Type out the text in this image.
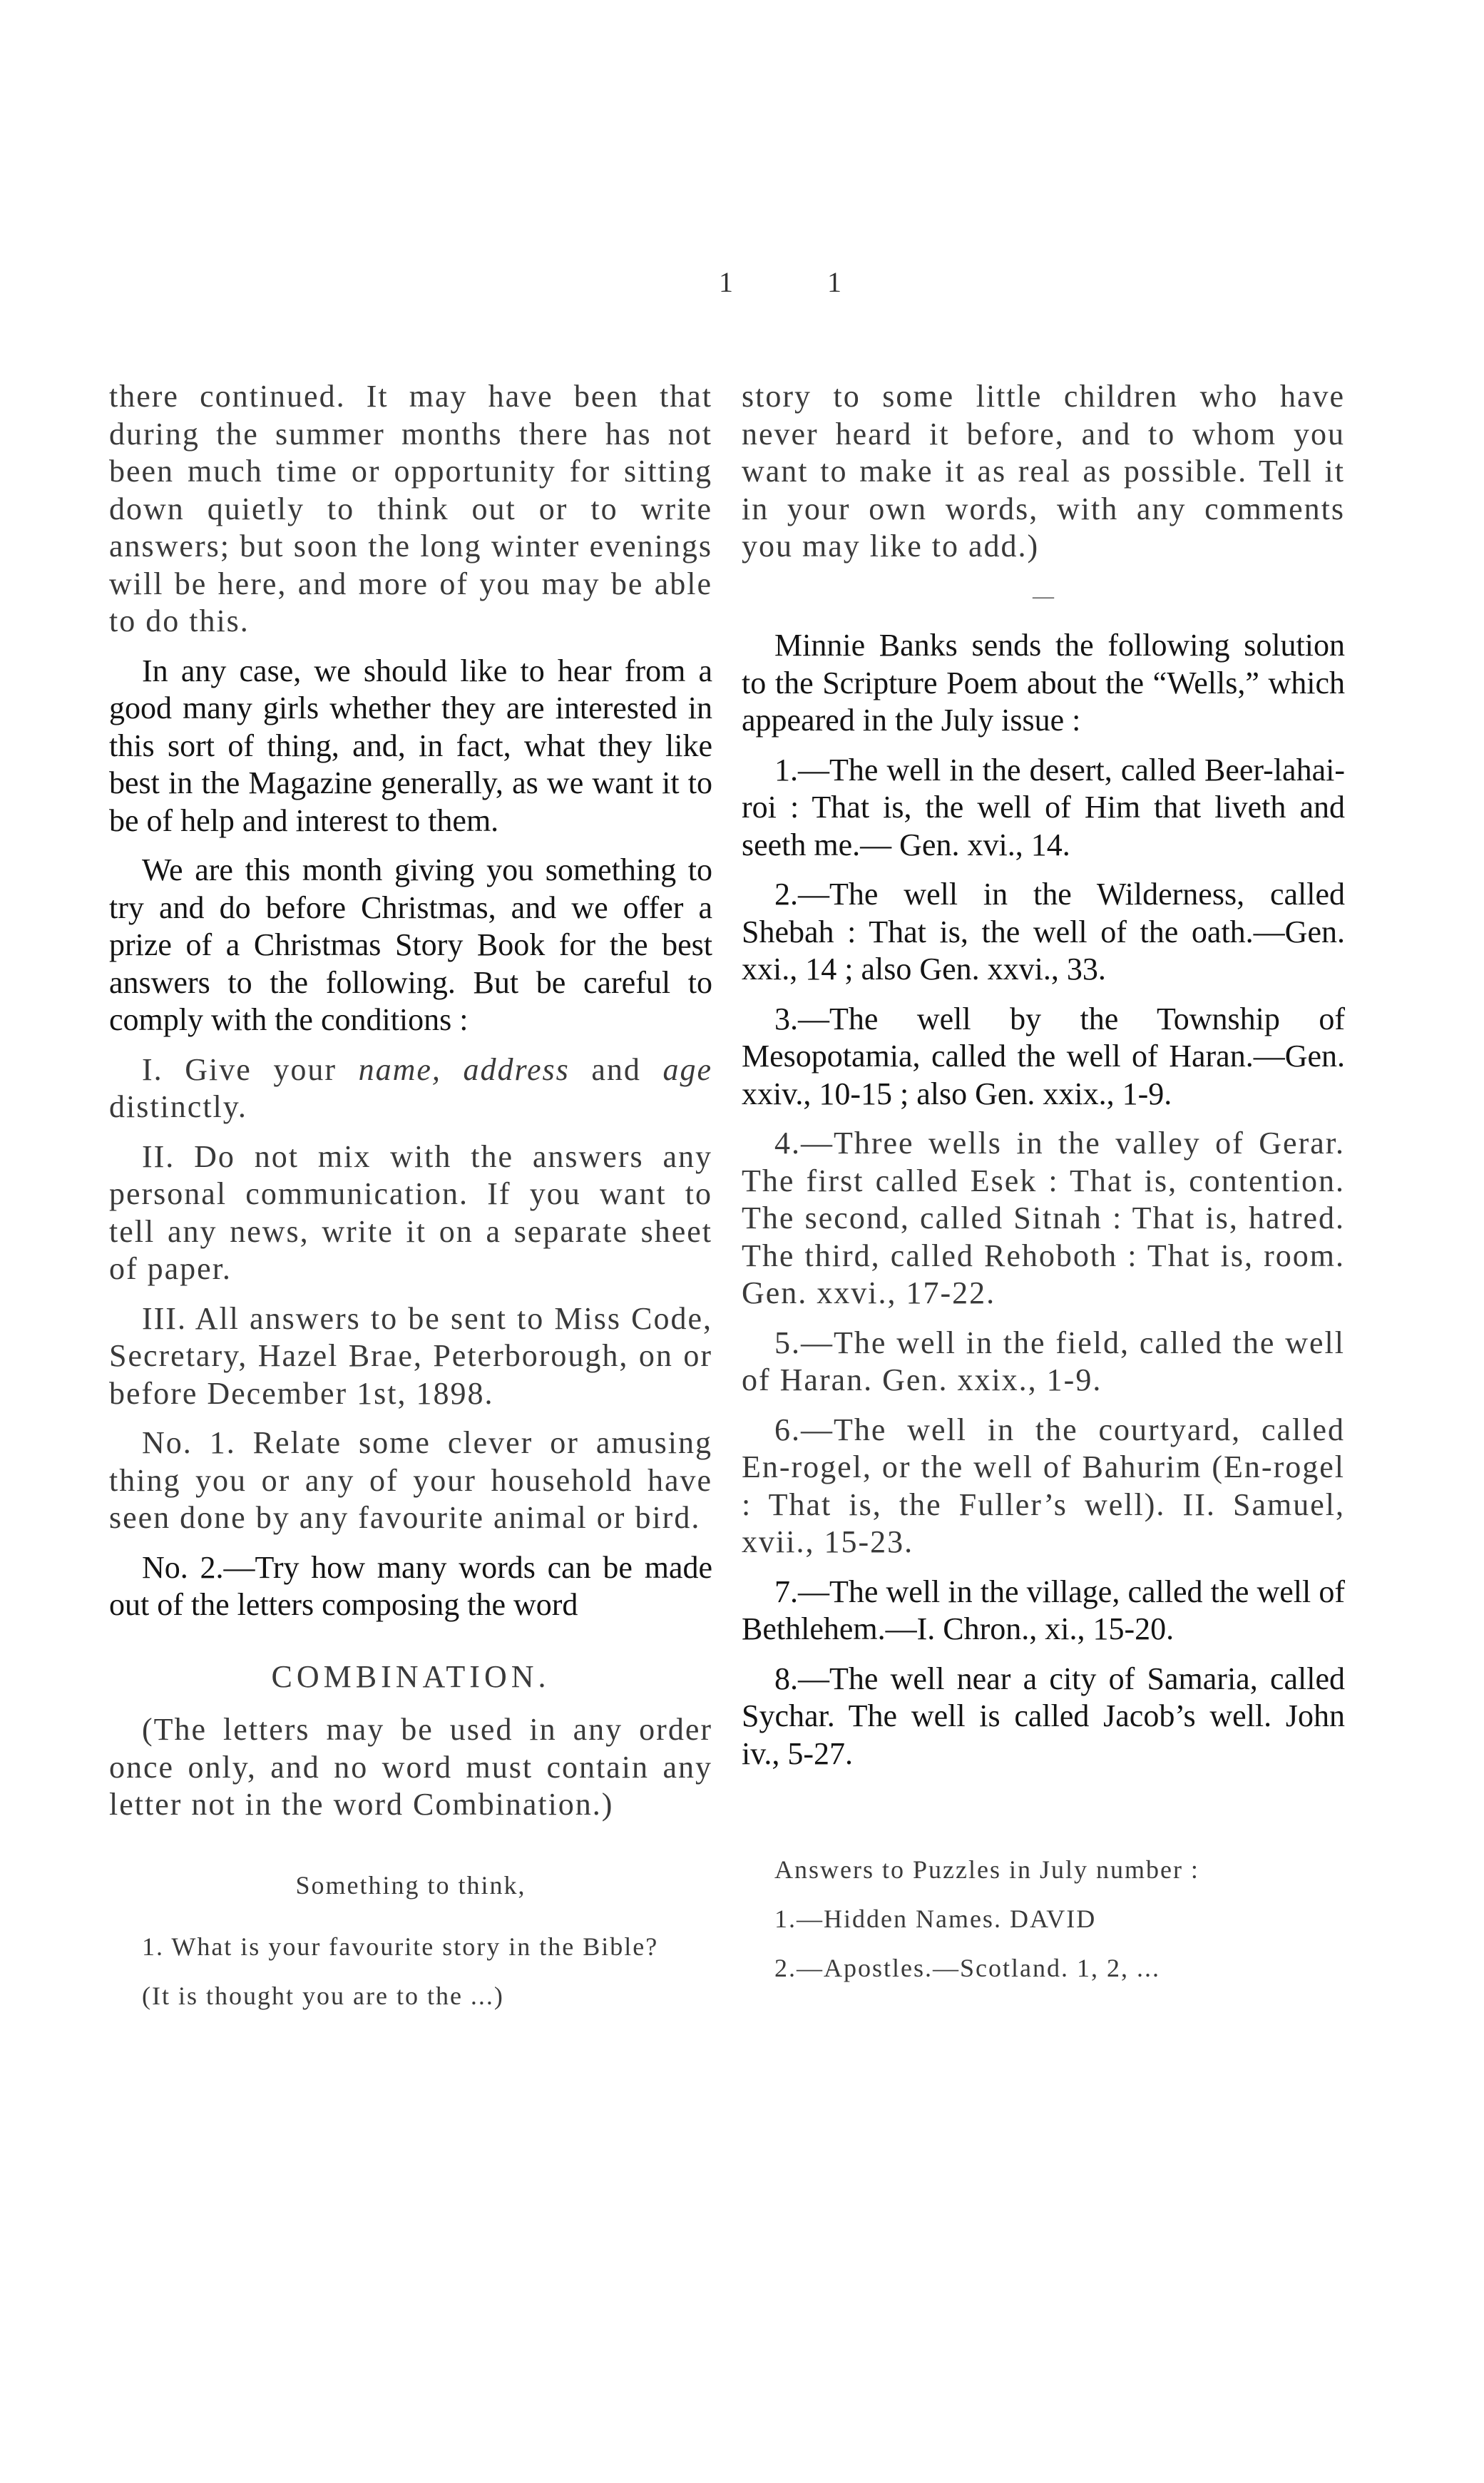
1	1

there continued. It may have been that during the summer months there has not been much time or opportunity for sitting down quietly to think out or to write answers; but soon the long winter evenings will be here, and more of you may be able to do this.

In any case, we should like to hear from a good many girls whether they are interested in this sort of thing, and, in fact, what they like best in the Magazine generally, as we want it to be of help and interest to them.

We are this month giving you something to try and do before Christmas, and we offer a prize of a Christmas Story Book for the best answers to the following. But be careful to comply with the conditions :

I. Give your name, address and age distinctly.

II. Do not mix with the answers any personal communication. If you want to tell any news, write it on a separate sheet of paper.

III. All answers to be sent to Miss Code, Secretary, Hazel Brae, Peterborough, on or before December 1st, 1898.

No. 1. Relate some clever or amusing thing you or any of your household have seen done by any favourite animal or bird.

No. 2.—Try how many words can be made out of the letters composing the word

COMBINATION.

(The letters may be used in any order once only, and no word must contain any letter not in the word Combination.)

Something to think,

1. What is your favourite story in the Bible?

(It is thought you are to the ...)

story to some little children who have never heard it before, and to whom you want to make it as real as possible. Tell it in your own words, with any comments you may like to add.)

—

Minnie Banks sends the following solution to the Scripture Poem about the “Wells,” which appeared in the July issue :

1.—The well in the desert, called Beer-lahai-roi : That is, the well of Him that liveth and seeth me.— Gen. xvi., 14.

2.—The well in the Wilderness, called Shebah : That is, the well of the oath.—Gen. xxi., 14 ; also Gen. xxvi., 33.

3.—The well by the Township of Mesopotamia, called the well of Haran.—Gen. xxiv., 10-15 ; also Gen. xxix., 1-9.

4.—Three wells in the valley of Gerar. The first called Esek : That is, contention. The second, called Sitnah : That is, hatred. The third, called Rehoboth : That is, room. Gen. xxvi., 17-22.

5.—The well in the field, called the well of Haran. Gen. xxix., 1-9.

6.—The well in the courtyard, called En-rogel, or the well of Bahurim (En-rogel : That is, the Fuller’s well). II. Samuel, xvii., 15-23.

7.—The well in the village, called the well of Bethlehem.—I. Chron., xi., 15-20.

8.—The well near a city of Samaria, called Sychar. The well is called Jacob’s well. John iv., 5-27.

Answers to Puzzles in July number :

1.—Hidden Names. DAVID

2.—Apostles.—Scotland. 1, 2, ...
